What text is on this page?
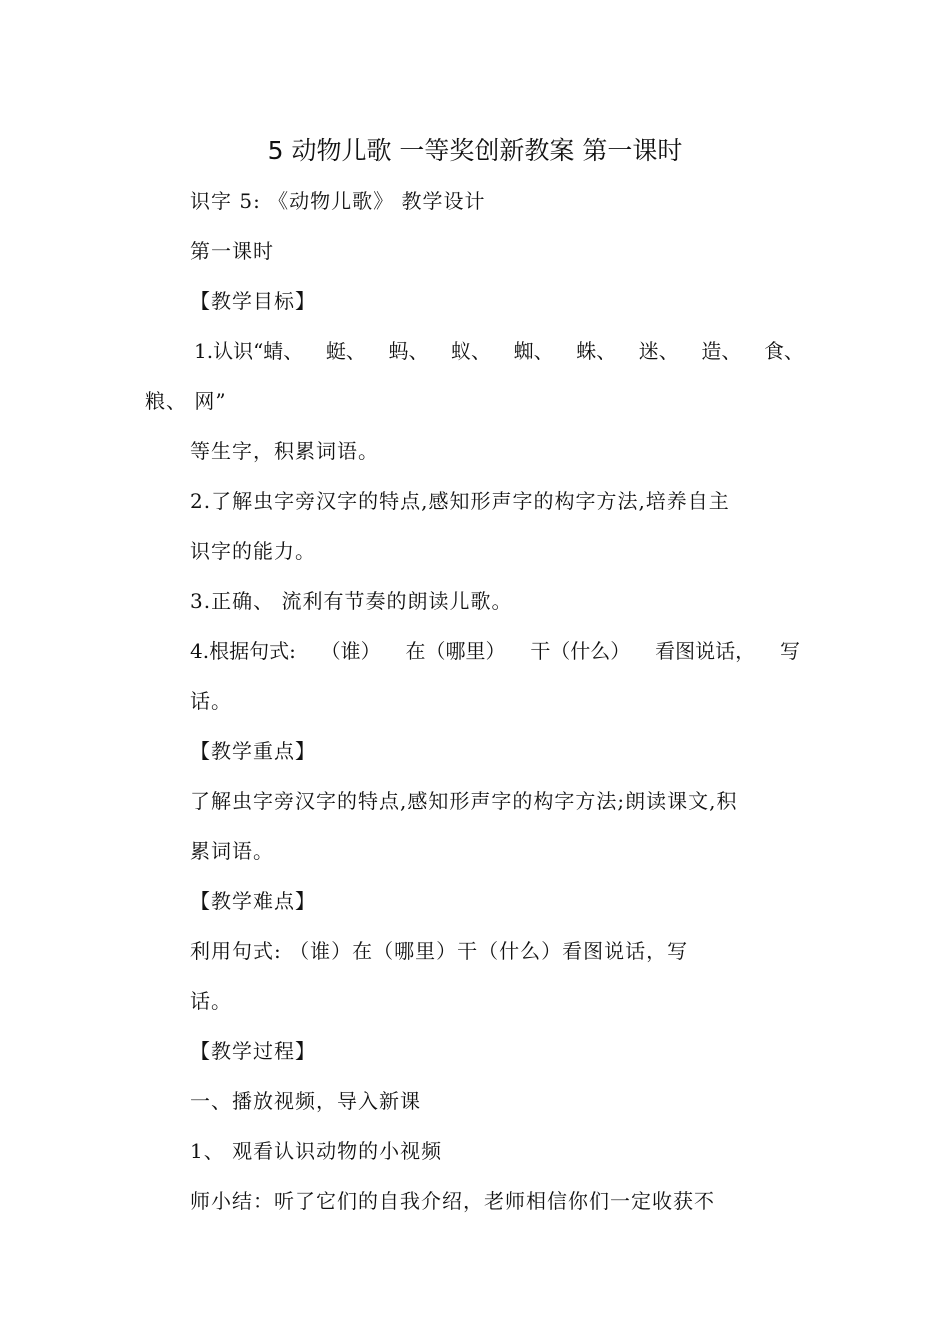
5 动物儿歌 一等奖创新教案 第一课时
识字 5: 《动物儿歌》 教学设计
第一课时
【教学目标】
1.认识“蜻、 蜓、 蚂、 蚁、 蜘、 蛛、 迷、 造、 食、
粮、 网”
等生字，积累词语。
2.了解虫字旁汉字的特点,感知形声字的构字方法,培养自主
识字的能力。
3.正确、 流利有节奏的朗读儿歌。
4.根据句式: （谁） 在（哪里） 干（什么） 看图说话， 写
话。
【教学重点】
了解虫字旁汉字的特点,感知形声字的构字方法;朗读课文,积
累词语。
【教学难点】
利用句式: （谁）在（哪里）干（什么）看图说话，写
话。
【教学过程】
一、播放视频，导入新课
1、 观看认识动物的小视频
师小结：听了它们的自我介绍，老师相信你们一定收获不
